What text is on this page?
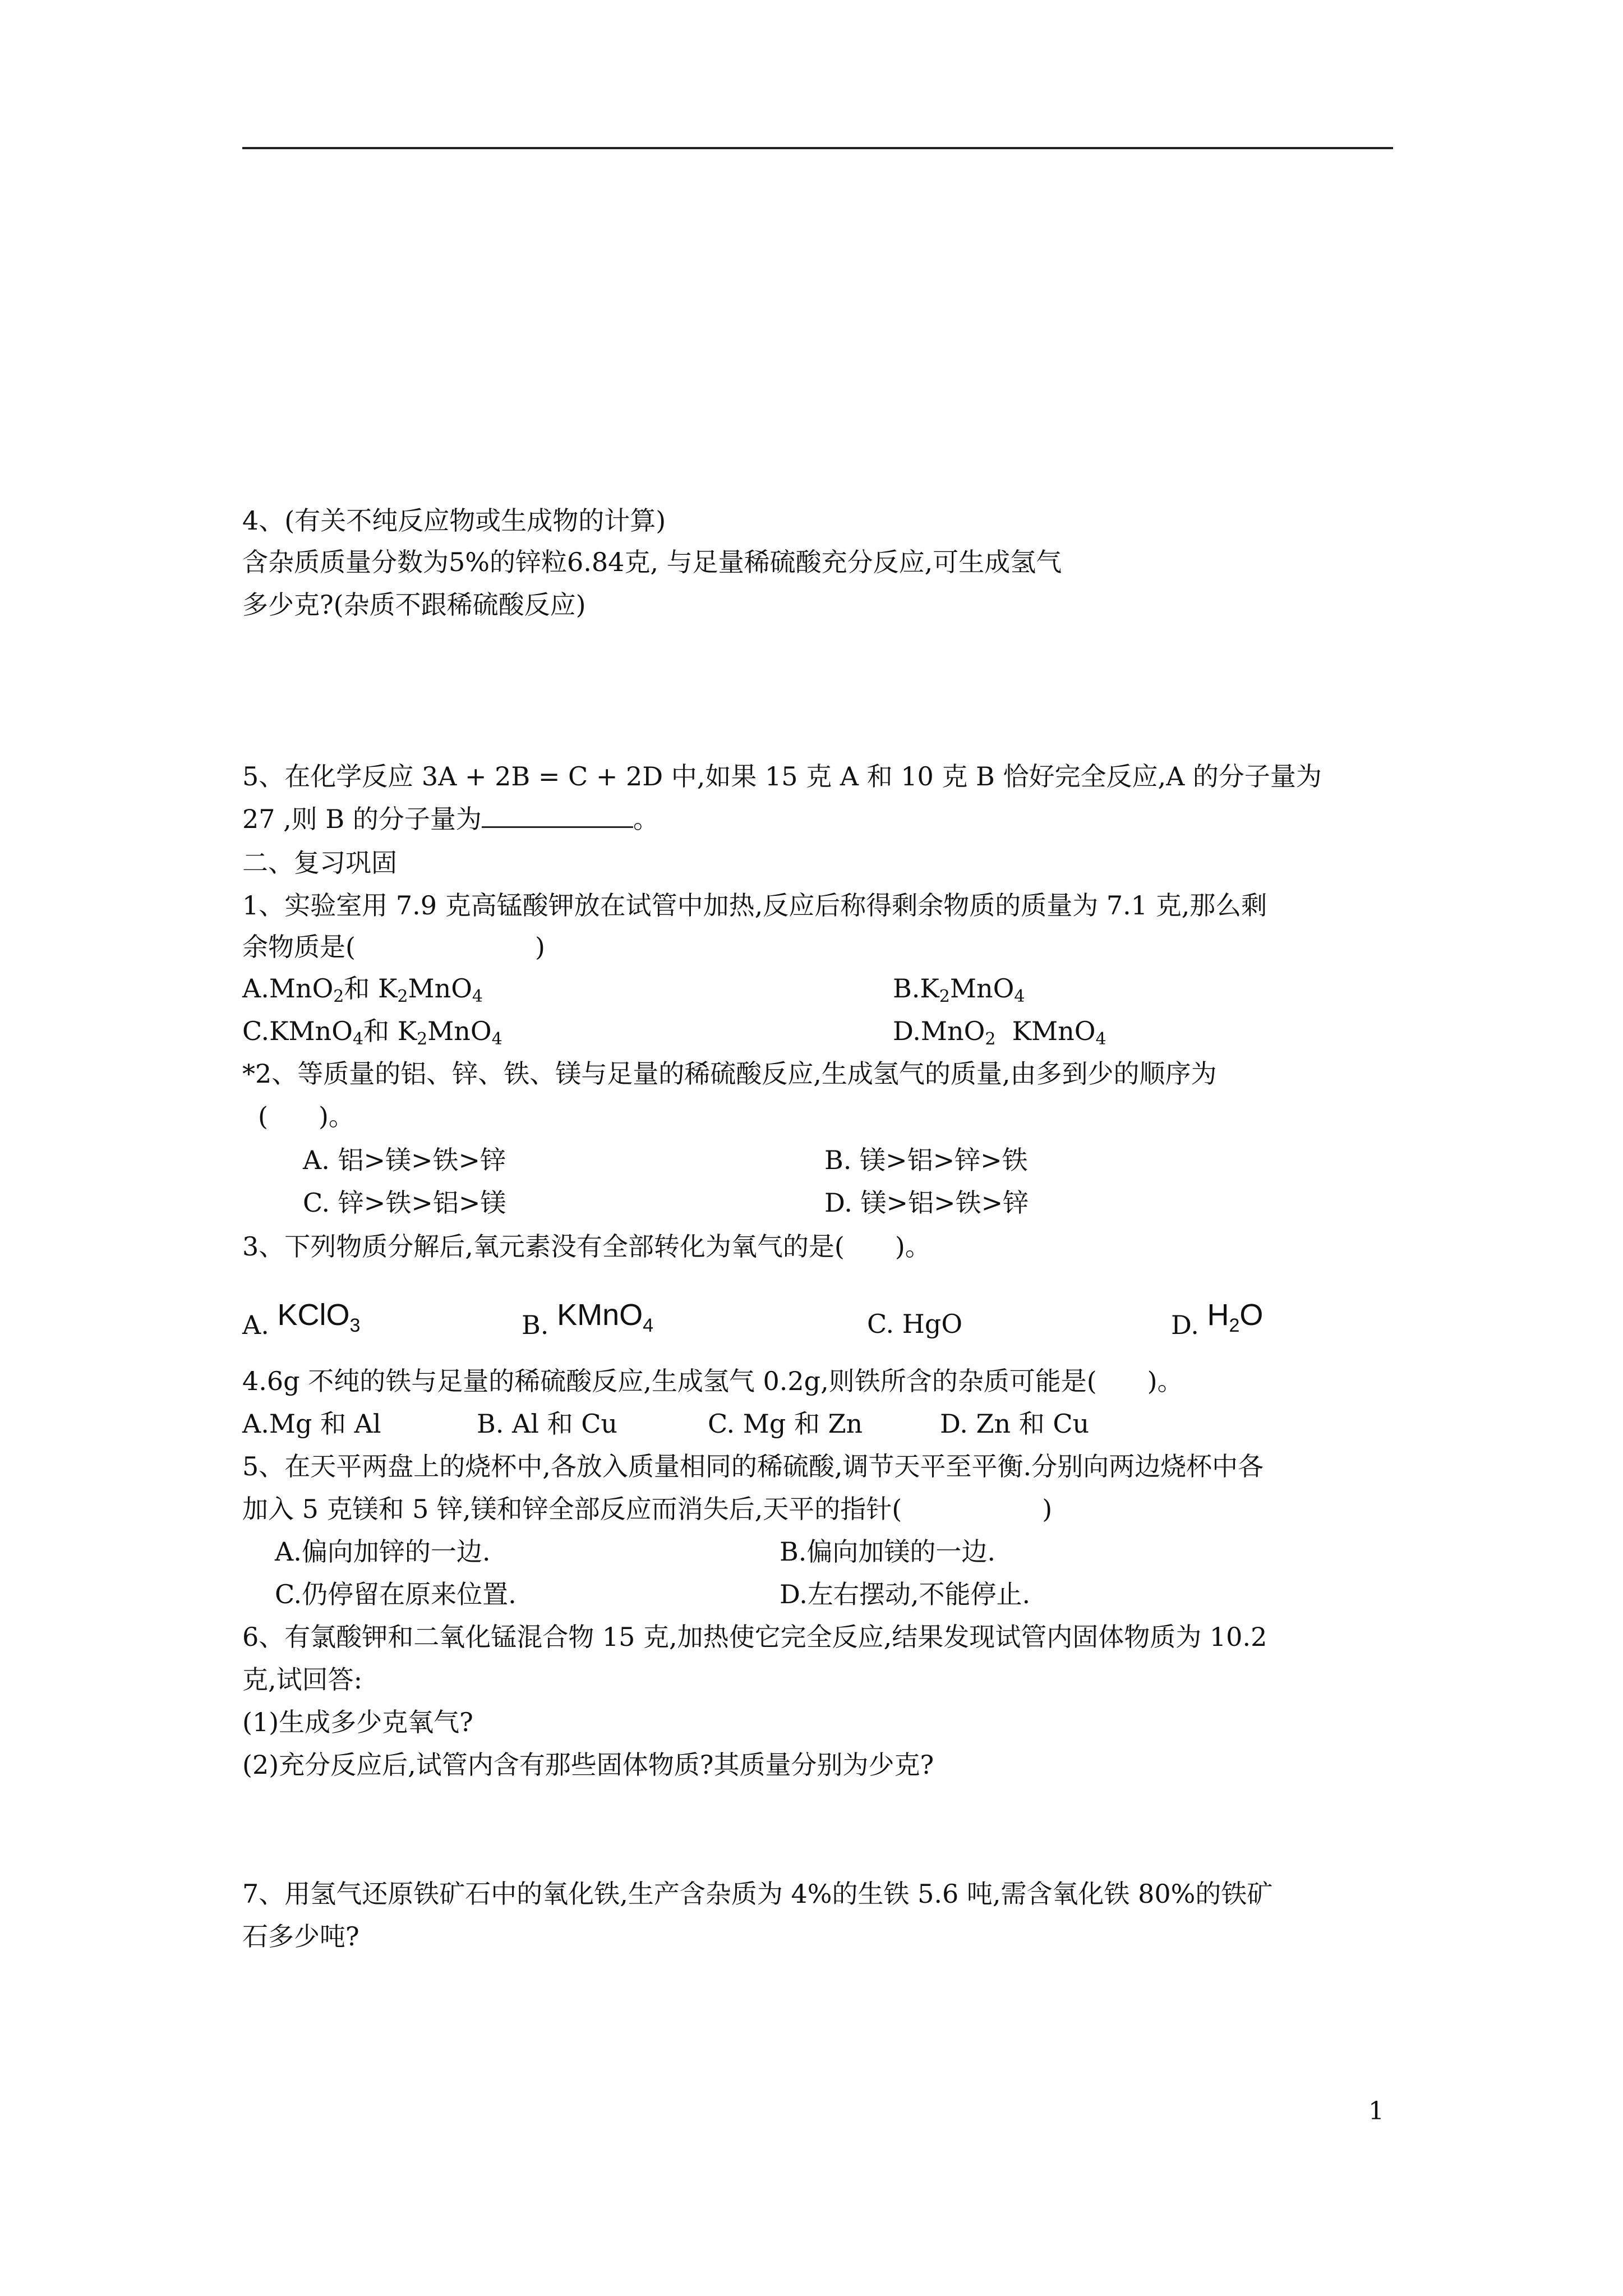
4、(有关不纯反应物或生成物的计算)
含杂质质量分数为5%的锌粒6.84克, 与足量稀硫酸充分反应,可生成氢气
多少克?(杂质不跟稀硫酸反应)
5、在化学反应 3A + 2B = C + 2D 中,如果 15 克 A 和 10 克 B 恰好完全反应,A 的分子量为
27 ,则 B 的分子量为	。
二、复习巩固
1、实验室用 7.9 克高锰酸钾放在试管中加热,反应后称得剩余物质的质量为 7.1 克,那么剩
余物质是(	)
A.MnO$_2$和 $K_2MnO_4$	$B.K_2MnO_4$
C.KMnO$_4$和 $K_2MnO_4$	D.MnO$_2$  KMnO$_4$
*2、等质量的铝、锌、铁、镁与足量的稀硫酸反应,生成氢气的质量,由多到少的顺序为
( )。
A. 铝>镁>铁>锌	B. 镁>铝>锌>铁
C. 锌>铁>铝>镁	D. 镁>铝>铁>锌
3、下列物质分解后,氧元素没有全部转化为氧气的是( )。
A. KClO$_3$	B. KMnO$_4$	C. HgO	D. $H_2O$
4.6g 不纯的铁与足量的稀硫酸反应,生成氢气 0.2g,则铁所含的杂质可能是( )。
A.Mg 和 Al	B. Al 和 Cu	C. Mg 和 Zn	D. Zn 和 Cu
5、在天平两盘上的烧杯中,各放入质量相同的稀硫酸,调节天平至平衡.分别向两边烧杯中各
加入 5 克镁和 5 锌,镁和锌全部反应而消失后,天平的指针(	)
A.偏向加锌的一边.	B.偏向加镁的一边.
C.仍停留在原来位置.	D.左右摆动,不能停止.
6、有氯酸钾和二氧化锰混合物 15 克,加热使它完全反应,结果发现试管内固体物质为 10.2
克,试回答:
(1)生成多少克氧气?
(2)充分反应后,试管内含有那些固体物质?其质量分别为少克?
7、用氢气还原铁矿石中的氧化铁,生产含杂质为 4%的生铁 5.6 吨,需含氧化铁 80%的铁矿
石多少吨?
1
